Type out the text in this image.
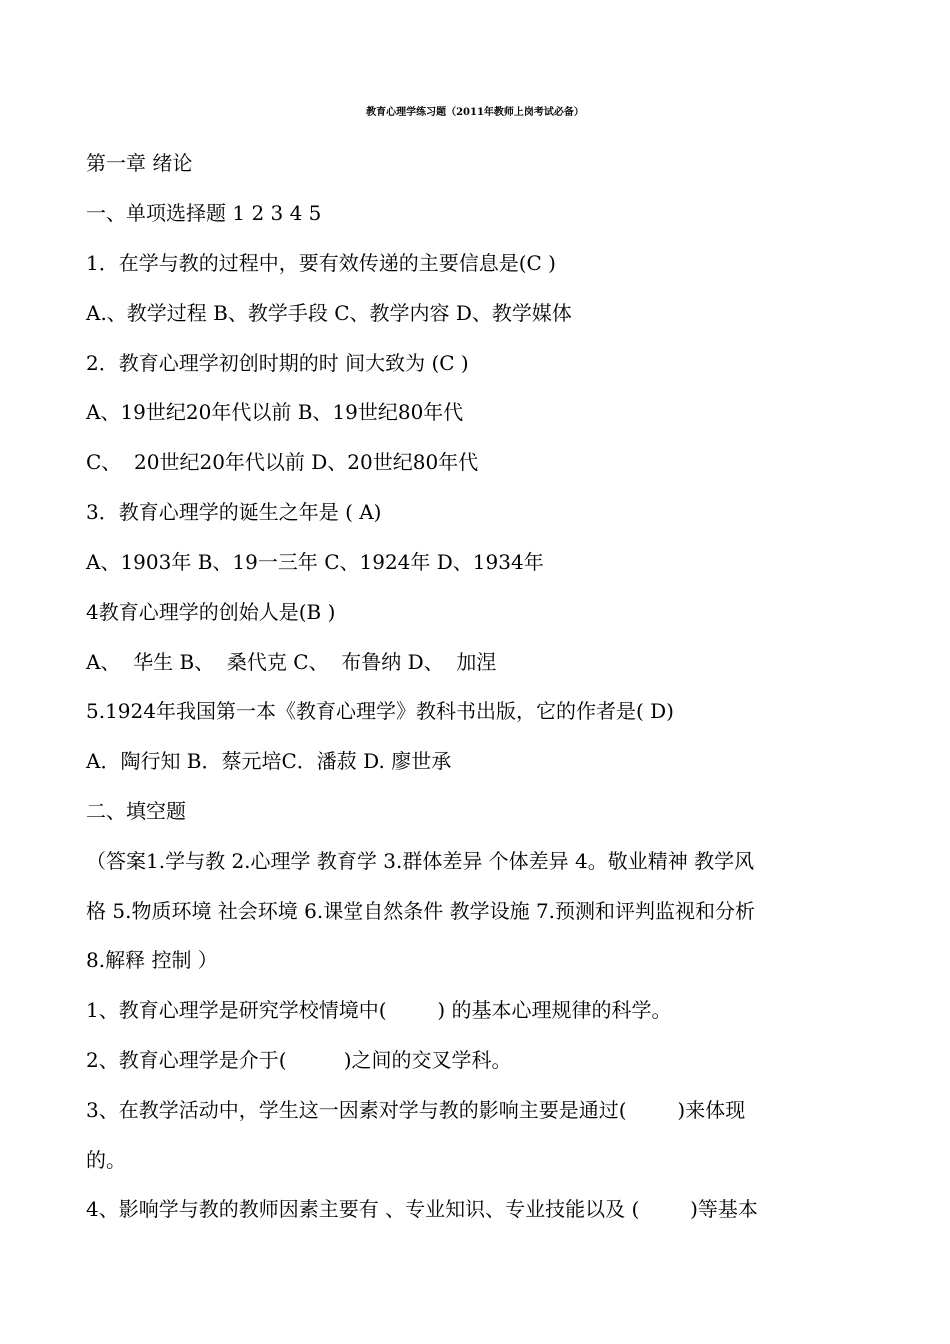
教育心理学练习题（2011年教师上岗考试必备）
第一章 绪论
一、单项选择题 1 2 3 4 5
1．在学与教的过程中，要有效传递的主要信息是(C )
A.、教学过程 B、教学手段 C、教学内容 D、教学媒体
2．教育心理学初创时期的时 间大致为 (C )
A、19世纪20年代以前 B、19世纪80年代
C、  20世纪20年代以前 D、20世纪80年代
3．教育心理学的诞生之年是 ( A)
A、1903年 B、19一三年 C、1924年 D、1934年
4教育心理学的创始人是(B )
A、  华生 B、  桑代克 C、  布鲁纳 D、  加涅
5.1924年我国第一本《教育心理学》教科书出版，它的作者是( D)
A．陶行知 B．蔡元培C．潘菽 D. 廖世承
二、填空题
（答案1.学与教 2.心理学 教育学 3.群体差异 个体差异 4。敬业精神 教学风
格 5.物质环境 社会环境 6.课堂自然条件 教学设施 7.预测和评判监视和分析
8.解释 控制 ）
1、教育心理学是研究学校情境中(        ) 的基本心理规律的科学。
2、教育心理学是介于(         )之间的交叉学科。
3、在教学活动中，学生这一因素对学与教的影响主要是通过(        )来体现
的。
4、影响学与教的教师因素主要有 、专业知识、专业技能以及 (        )等基本
